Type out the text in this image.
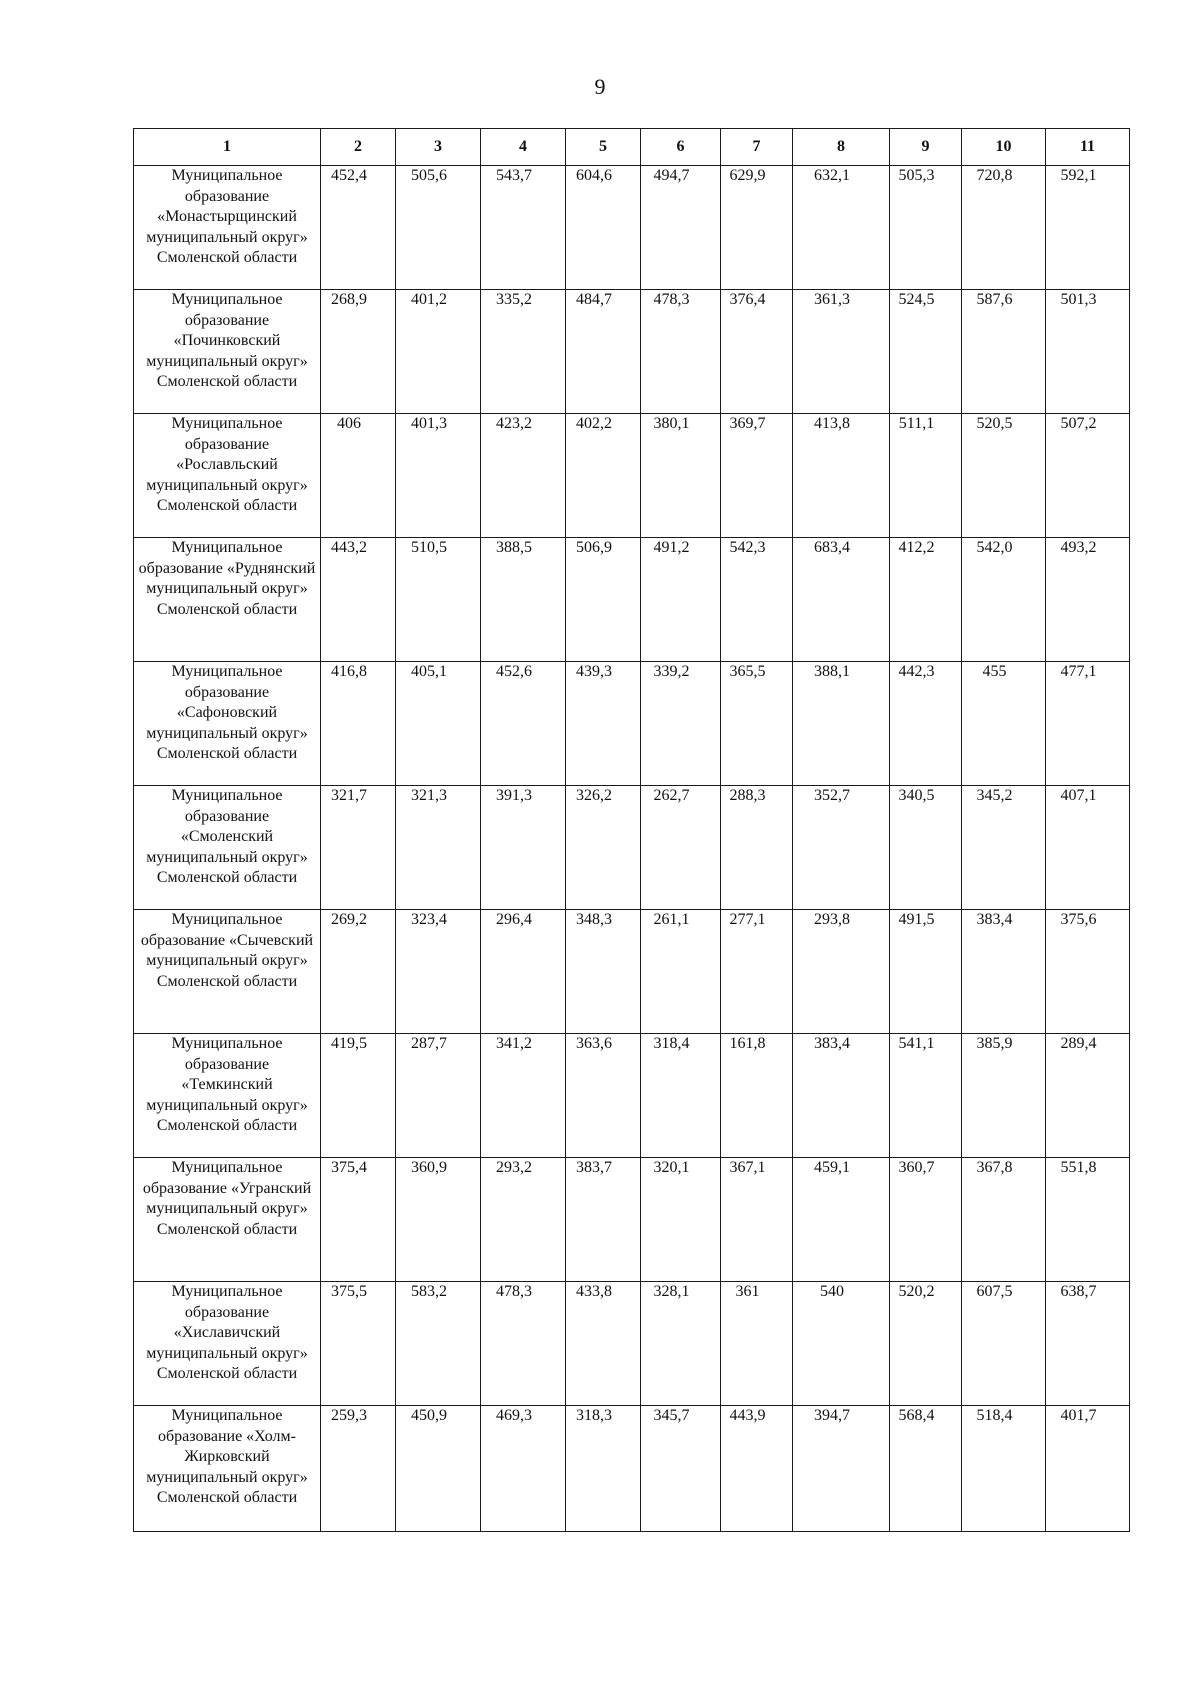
9
1	2	3	4	5	6	7	8	9	10	11
Муниципальное образование «Монастырщинский муниципальный округ» Смоленской области	452,4	505,6	543,7	604,6	494,7	629,9	632,1	505,3	720,8	592,1
Муниципальное образование «Починковский муниципальный округ» Смоленской области	268,9	401,2	335,2	484,7	478,3	376,4	361,3	524,5	587,6	501,3
Муниципальное образование «Рославльский муниципальный округ» Смоленской области	406	401,3	423,2	402,2	380,1	369,7	413,8	511,1	520,5	507,2
Муниципальное образование «Руднянский муниципальный округ» Смоленской области	443,2	510,5	388,5	506,9	491,2	542,3	683,4	412,2	542,0	493,2
Муниципальное образование «Сафоновский муниципальный округ» Смоленской области	416,8	405,1	452,6	439,3	339,2	365,5	388,1	442,3	455	477,1
Муниципальное образование «Смоленский муниципальный округ» Смоленской области	321,7	321,3	391,3	326,2	262,7	288,3	352,7	340,5	345,2	407,1
Муниципальное образование «Сычевский муниципальный округ» Смоленской области	269,2	323,4	296,4	348,3	261,1	277,1	293,8	491,5	383,4	375,6
Муниципальное образование «Темкинский муниципальный округ» Смоленской области	419,5	287,7	341,2	363,6	318,4	161,8	383,4	541,1	385,9	289,4
Муниципальное образование «Угранский муниципальный округ» Смоленской области	375,4	360,9	293,2	383,7	320,1	367,1	459,1	360,7	367,8	551,8
Муниципальное образование «Хиславичский муниципальный округ» Смоленской области	375,5	583,2	478,3	433,8	328,1	361	540	520,2	607,5	638,7
Муниципальное образование «Холм-Жирковский муниципальный округ» Смоленской области	259,3	450,9	469,3	318,3	345,7	443,9	394,7	568,4	518,4	401,7
